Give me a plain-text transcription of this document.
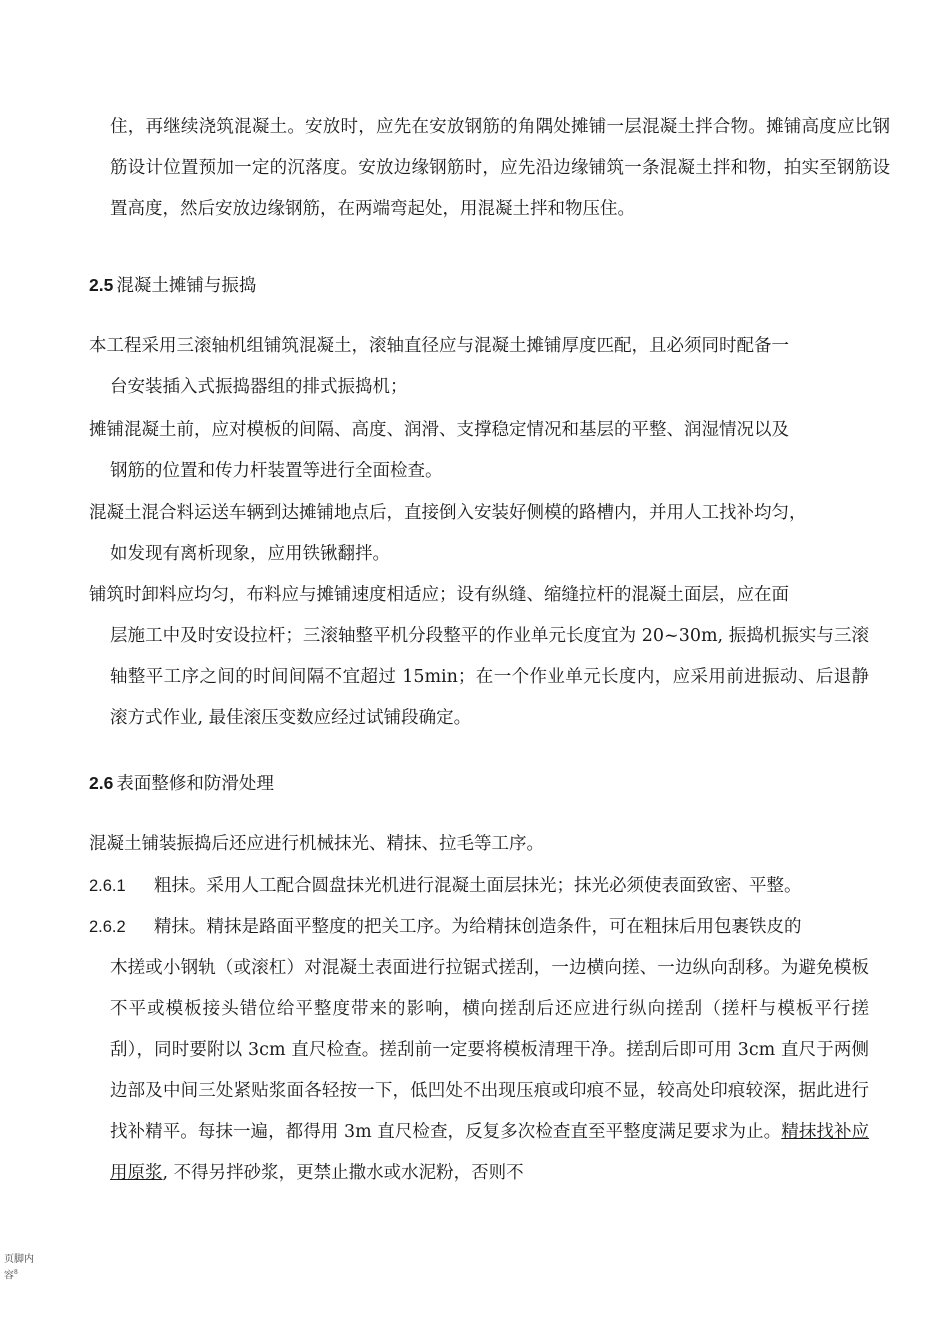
住，再继续浇筑混凝土。安放时，应先在安放钢筋的角隅处摊铺一层混凝土拌合物。摊铺高度应比钢筋设计位置预加一定的沉落度。安放边缘钢筋时，应先沿边缘铺筑一条混凝土拌和物，拍实至钢筋设置高度，然后安放边缘钢筋，在两端弯起处，用混凝土拌和物压住。
2.5 混凝土摊铺与振捣
本工程采用三滚轴机组铺筑混凝土，滚轴直径应与混凝土摊铺厚度匹配，且必须同时配备一
台安装插入式振捣器组的排式振捣机；
摊铺混凝土前，应对模板的间隔、高度、润滑、支撑稳定情况和基层的平整、润湿情况以及
钢筋的位置和传力杆装置等进行全面检查。
混凝土混合料运送车辆到达摊铺地点后，直接倒入安装好侧模的路槽内，并用人工找补均匀，
如发现有离析现象，应用铁锹翻拌。
铺筑时卸料应均匀，布料应与摊铺速度相适应；设有纵缝、缩缝拉杆的混凝土面层，应在面
层施工中及时安设拉杆；三滚轴整平机分段整平的作业单元长度宜为 20~30m, 振捣机振实与三滚轴整平工序之间的时间间隔不宜超过 15min；在一个作业单元长度内，应采用前进振动、后退静滚方式作业, 最佳滚压变数应经过试铺段确定。
2.6 表面整修和防滑处理
混凝土铺装振捣后还应进行机械抹光、精抹、拉毛等工序。
2.6.1 粗抹。采用人工配合圆盘抹光机进行混凝土面层抹光；抹光必须使表面致密、平整。
2.6.2 精抹。精抹是路面平整度的把关工序。为给精抹创造条件，可在粗抹后用包裹铁皮的
木搓或小钢轨（或滚杠）对混凝土表面进行拉锯式搓刮，一边横向搓、一边纵向刮移。为避免模板不平或模板接头错位给平整度带来的影响，横向搓刮后还应进行纵向搓刮（搓杆与模板平行搓刮），同时要附以 3cm 直尺检查。搓刮前一定要将模板清理干净。搓刮后即可用 3cm 直尺于两侧边部及中间三处紧贴浆面各轻按一下，低凹处不出现压痕或印痕不显，较高处印痕较深，据此进行找补精平。每抹一遍，都得用 3m 直尺检查，反复多次检查直至平整度满足要求为止。精抹找补应用原浆, 不得另拌砂浆，更禁止撒水或水泥粉，否则不
页脚内容$^8$
